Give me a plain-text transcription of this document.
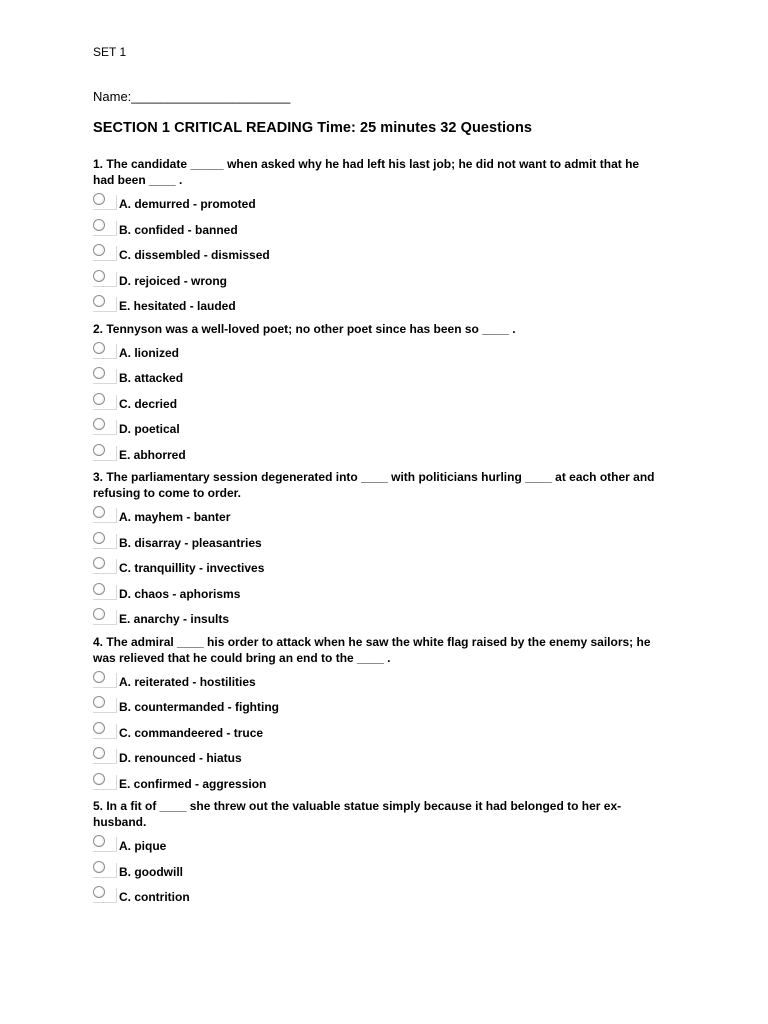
SET 1
Name:______________________
SECTION 1 CRITICAL READING Time: 25 minutes 32 Questions
1. The candidate _____ when asked why he had left his last job; he did not want to admit that he
had been ____ .
A. demurred - promoted
B. confided - banned
C. dissembled - dismissed
D. rejoiced - wrong
E. hesitated - lauded
2. Tennyson was a well-loved poet; no other poet since has been so ____ .
A. lionized
B. attacked
C. decried
D. poetical
E. abhorred
3. The parliamentary session degenerated into ____ with politicians hurling ____ at each other and
refusing to come to order.
A. mayhem - banter
B. disarray - pleasantries
C. tranquillity - invectives
D. chaos - aphorisms
E. anarchy - insults
4. The admiral ____ his order to attack when he saw the white flag raised by the enemy sailors; he
was relieved that he could bring an end to the ____ .
A. reiterated - hostilities
B. countermanded - fighting
C. commandeered - truce
D. renounced - hiatus
E. confirmed - aggression
5. In a fit of ____ she threw out the valuable statue simply because it had belonged to her ex-
husband.
A. pique
B. goodwill
C. contrition
